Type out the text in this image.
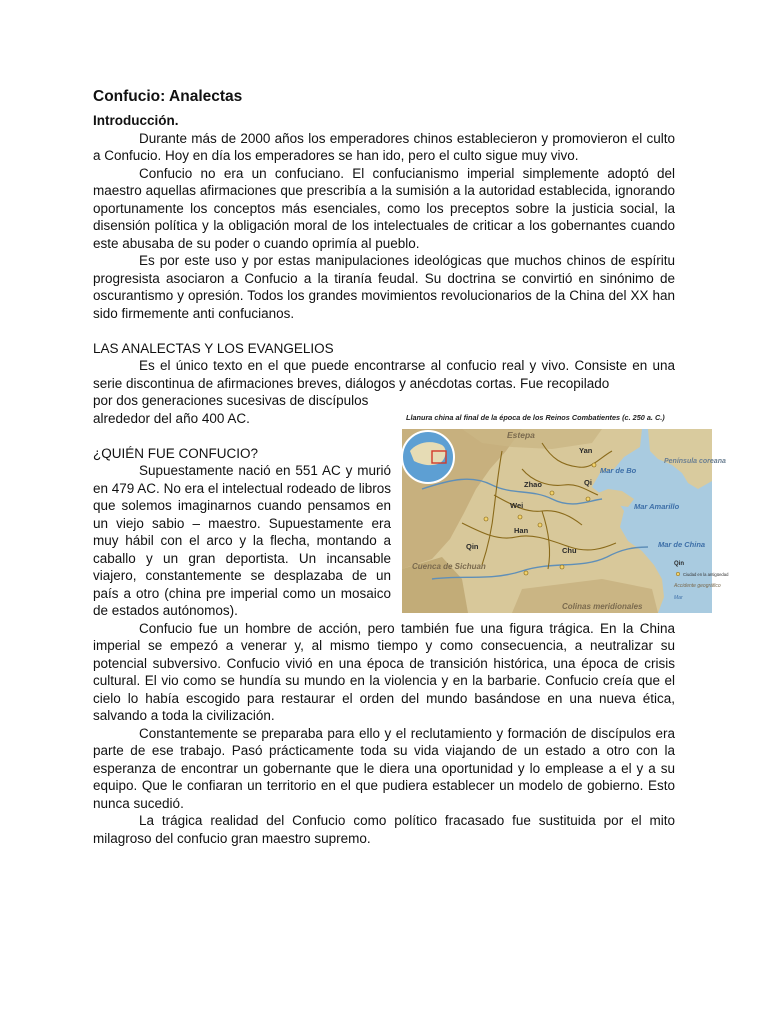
Confucio: Analectas
Introducción.

Durante más de 2000 años los emperadores chinos establecieron y promovieron el culto a Confucio. Hoy en día los emperadores se han ido, pero el culto sigue muy vivo.

Confucio no era un confuciano. El confucianismo imperial simplemente adoptó del maestro aquellas afirmaciones que prescribía a la sumisión a la autoridad establecida, ignorando oportunamente los conceptos más esenciales, como los preceptos sobre la justicia social, la disensión política y la obligación moral de los intelectuales de criticar a los gobernantes cuando este abusaba de su poder o cuando oprimía al pueblo.

Es por este uso y por estas manipulaciones ideológicas que muchos chinos de espíritu progresista asociaron a Confucio a la tiranía feudal. Su doctrina se convirtió en sinónimo de oscurantismo y opresión. Todos los grandes movimientos revolucionarios de la China del XX han sido firmemente anti confucianos.

LAS ANALECTAS Y LOS EVANGELIOS

Es el único texto en el que puede encontrarse al confucio real y vivo. Consiste en una serie discontinua de afirmaciones breves, diálogos y anécdotas cortas. Fue recopilado

por dos generaciones sucesivas de discípulos
alrededor del año 400 AC.
¿QUIÉN FUE CONFUCIO?

Supuestamente nació en 551 AC y murió en 479 AC. No era el intelectual rodeado de libros que solemos imaginarnos cuando pensamos en un viejo sabio – maestro. Supuestamente era muy hábil con el arco y la flecha, montando a caballo y un gran deportista. Un incansable viajero, constantemente se desplazaba de un país a otro (china pre imperial como un mosaico de estados autónomos).

Confucio fue un hombre de acción, pero también fue una figura trágica. En la China imperial se empezó a venerar y, al mismo tiempo y como consecuencia, a neutralizar su potencial subversivo. Confucio vivió en una época de transición histórica, una época de crisis cultural. El vio como se hundía su mundo en la violencia y en la barbarie. Confucio creía que el cielo lo había escogido para restaurar el orden del mundo basándose en una nueva ética, salvando a toda la civilización.

Constantemente se preparaba para ello y el reclutamiento y formación de discípulos era parte de ese trabajo. Pasó prácticamente toda su vida viajando de un estado a otro con la esperanza de encontrar un gobernante que le diera una oportunidad y lo emplease a el y a su equipo. Que le confiaran un territorio en el que pudiera establecer un modelo de gobierno. Esto nunca sucedió.

La trágica realidad del Confucio como político fracasado fue sustituida por el mito milagroso del confucio gran maestro supremo.

Llanura china al final de la época de los Reinos Combatientes (c. 250 a. C.)
Estepa
Yan
Qi
Zhao
Wei
Han
Chu
Qin
Mar de Bo
Península coreana
Mar Amarillo
Mar de China
Cuenca de Sichuan
Colinas meridionales
Qin
Ciudad en la antigüedad
Accidente geográfico
Mar
